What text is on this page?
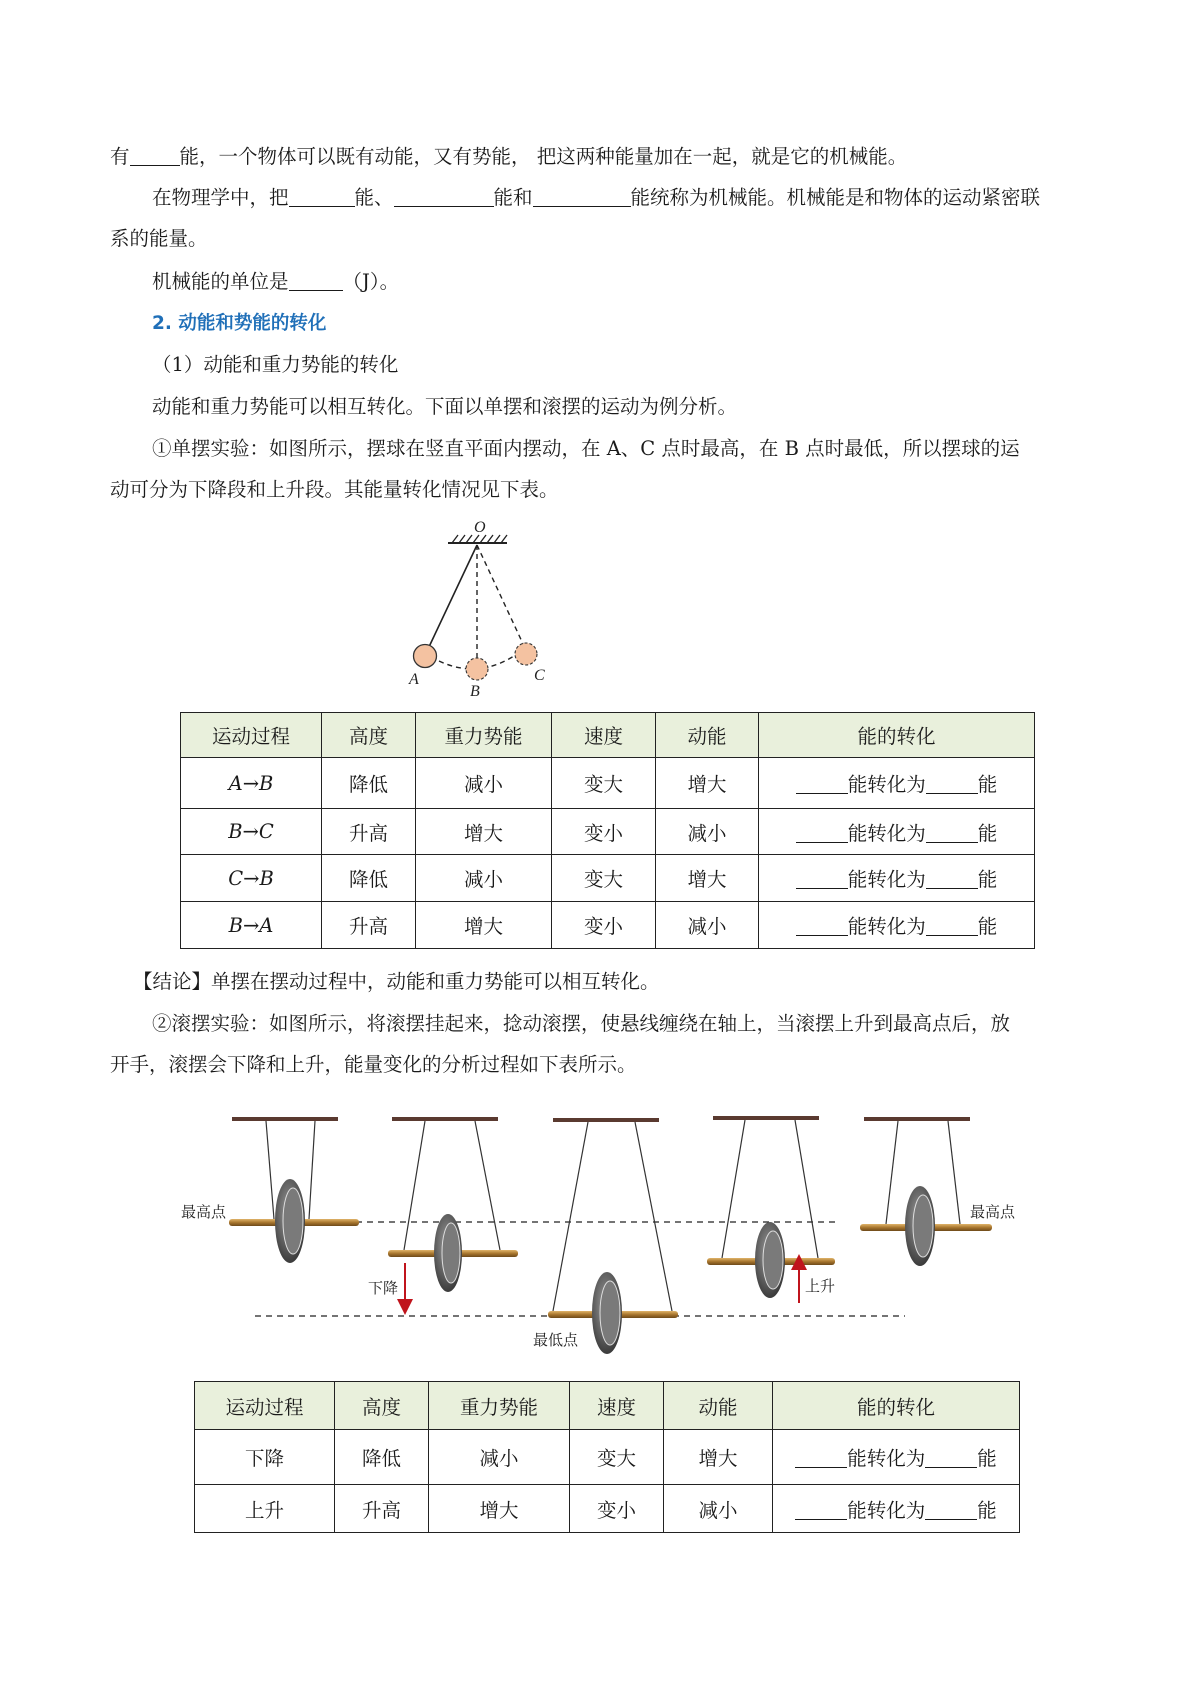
有	能，一个物体可以既有动能，又有势能， 把这两种能量加在一起，就是它的机械能。
在物理学中，把	能、	能和	能统称为机械能。机械能是和物体的运动紧密联
系的能量。
机械能的单位是	（J）。
2. 动能和势能的转化
（1）动能和重力势能的转化
动能和重力势能可以相互转化。下面以单摆和滚摆的运动为例分析。
①单摆实验：如图所示，摆球在竖直平面内摆动，在 A、C 点时最高，在 B 点时最低，所以摆球的运
动可分为下降段和上升段。其能量转化情况见下表。
O
A
B
C
运动过程	高度	重力势能	速度	动能	能的转化
A→B	降低	减小	变大	增大	能转化为 能
B→C	升高	增大	变小	减小	能转化为 能
C→B	降低	减小	变大	增大	能转化为 能
B→A	升高	增大	变小	减小	能转化为 能
【结论】单摆在摆动过程中，动能和重力势能可以相互转化。
②滚摆实验：如图所示，将滚摆挂起来，捻动滚摆，使悬线缠绕在轴上，当滚摆上升到最高点后，放
开手，滚摆会下降和上升，能量变化的分析过程如下表所示。
最高点	最高点
下降	上升
最低点
运动过程	高度	重力势能	速度	动能	能的转化
下降	降低	减小	变大	增大	能转化为 能
上升	升高	增大	变小	减小	能转化为 能
